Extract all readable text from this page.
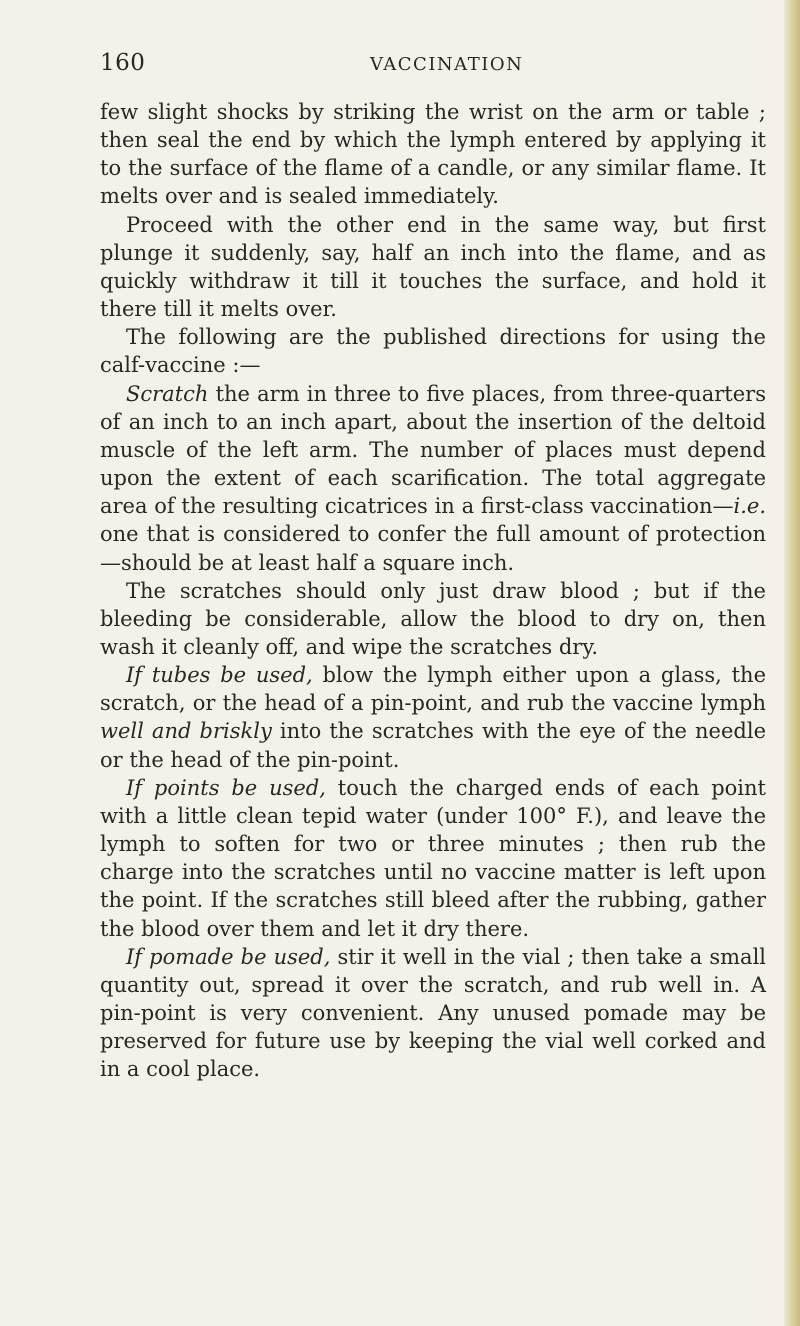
160	VACCINATION

few slight shocks by striking the wrist on the arm or table ; then seal the end by which the lymph entered by applying it to the surface of the flame of a candle, or any similar flame. It melts over and is sealed immediately.

Proceed with the other end in the same way, but first plunge it suddenly, say, half an inch into the flame, and as quickly withdraw it till it touches the surface, and hold it there till it melts over.

The following are the published directions for using the calf-vaccine :—

Scratch the arm in three to five places, from three-quarters of an inch to an inch apart, about the insertion of the deltoid muscle of the left arm. The number of places must depend upon the extent of each scarification. The total aggregate area of the resulting cicatrices in a first-class vaccination—i.e. one that is considered to confer the full amount of protection—should be at least half a square inch.

The scratches should only just draw blood ; but if the bleeding be considerable, allow the blood to dry on, then wash it cleanly off, and wipe the scratches dry.

If tubes be used, blow the lymph either upon a glass, the scratch, or the head of a pin-point, and rub the vaccine lymph well and briskly into the scratches with the eye of the needle or the head of the pin-point.

If points be used, touch the charged ends of each point with a little clean tepid water (under 100° F.), and leave the lymph to soften for two or three minutes ; then rub the charge into the scratches until no vaccine matter is left upon the point. If the scratches still bleed after the rubbing, gather the blood over them and let it dry there.

If pomade be used, stir it well in the vial ; then take a small quantity out, spread it over the scratch, and rub well in. A pin-point is very convenient. Any unused pomade may be preserved for future use by keeping the vial well corked and in a cool place.
